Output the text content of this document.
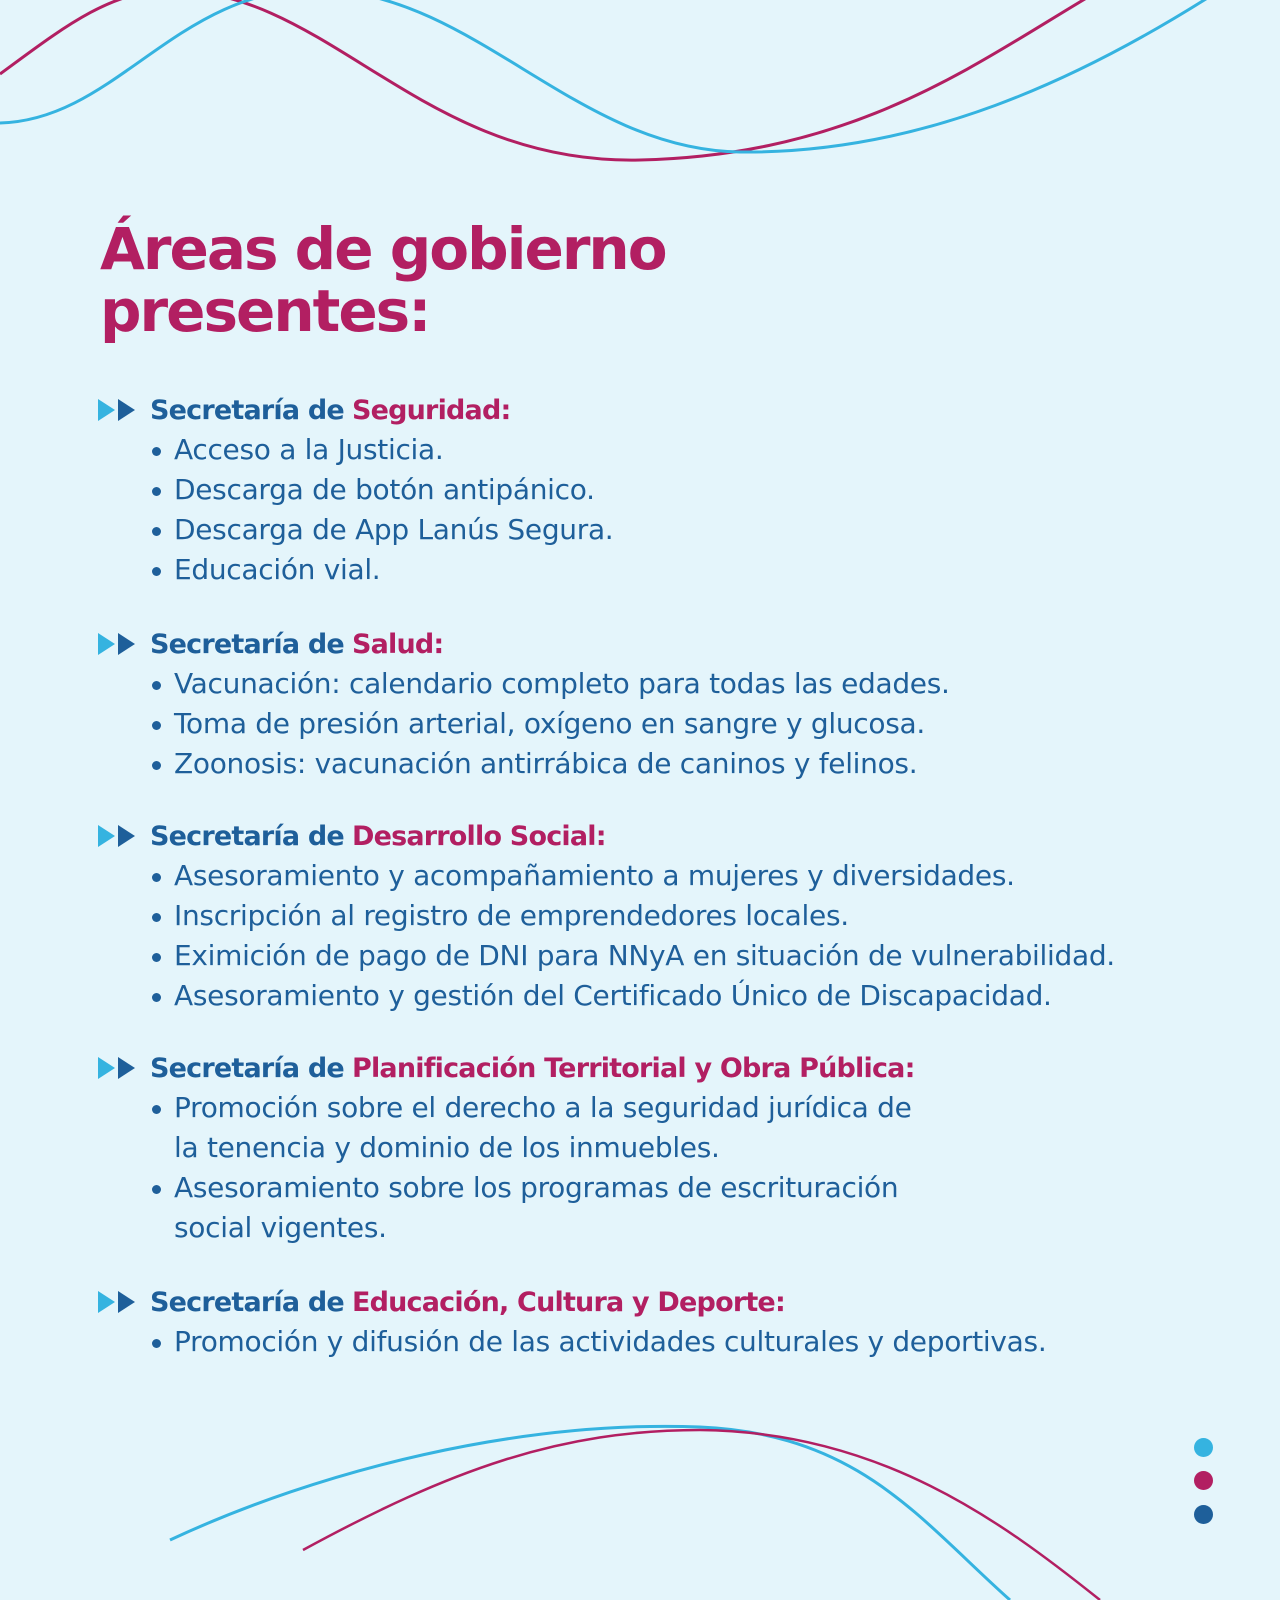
Áreas de gobierno
presentes:
Secretaría de Seguridad:
Acceso a la Justicia.
Descarga de botón antipánico.
Descarga de App Lanús Segura.
Educación vial.
Secretaría de Salud:
Vacunación: calendario completo para todas las edades.
Toma de presión arterial, oxígeno en sangre y glucosa.
Zoonosis: vacunación antirrábica de caninos y felinos.
Secretaría de Desarrollo Social:
Asesoramiento y acompañamiento a mujeres y diversidades.
Inscripción al registro de emprendedores locales.
Eximición de pago de DNI para NNyA en situación de vulnerabilidad.
Asesoramiento y gestión del Certificado Único de Discapacidad.
Secretaría de Planificación Territorial y Obra Pública:
Promoción sobre el derecho a la seguridad jurídica de
la tenencia y dominio de los inmuebles.
Asesoramiento sobre los programas de escrituración
social vigentes.
Secretaría de Educación, Cultura y Deporte:
Promoción y difusión de las actividades culturales y deportivas.
